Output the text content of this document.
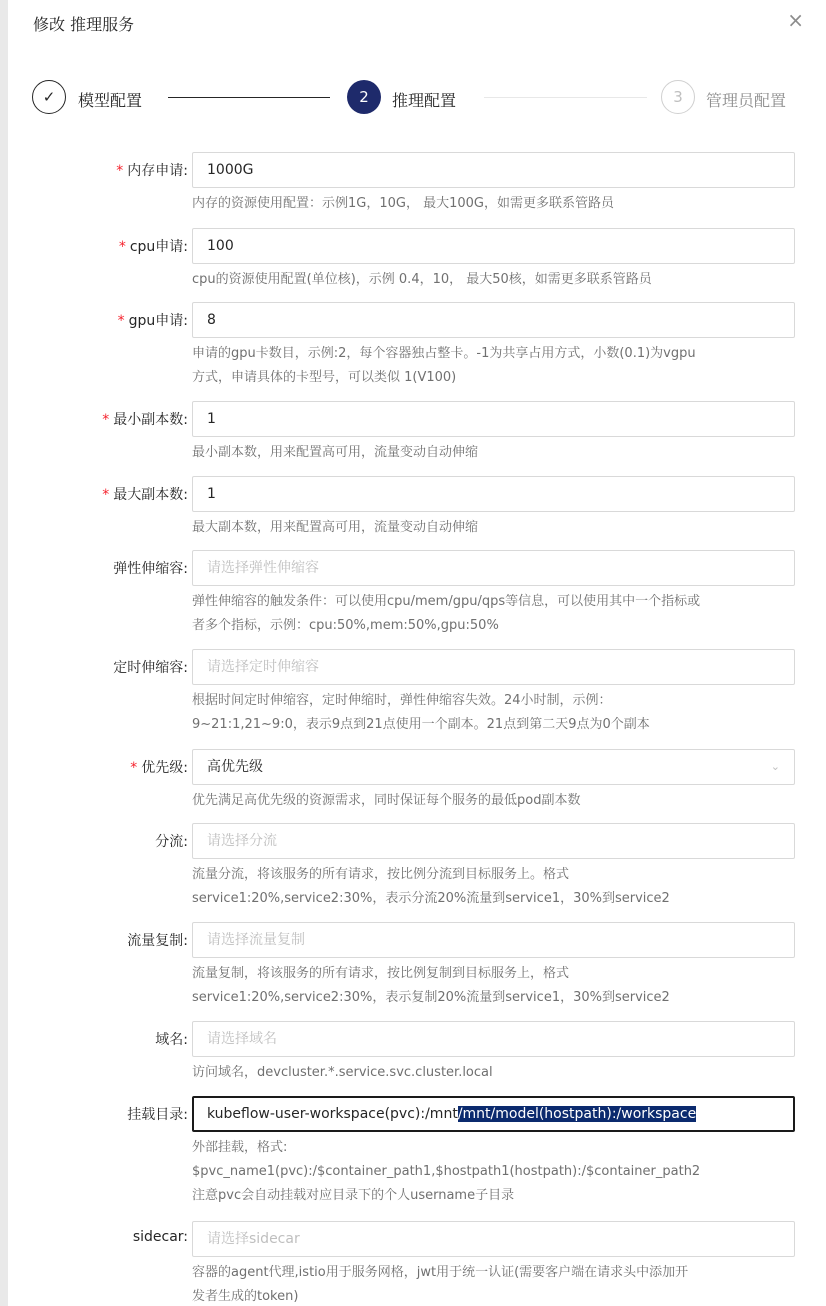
修改 推理服务	×
✓	模型配置	2	推理配置	3	管理员配置
* 内存申请:	1000G
内存的资源使用配置：示例1G，10G， 最大100G，如需更多联系管路员
* cpu申请:	100
cpu的资源使用配置(单位核)，示例 0.4，10， 最大50核，如需更多联系管路员
* gpu申请:	8
申请的gpu卡数目，示例:2，每个容器独占整卡。-1为共享占用方式，小数(0.1)为vgpu
方式，申请具体的卡型号，可以类似 1(V100)
* 最小副本数:	1
最小副本数，用来配置高可用，流量变动自动伸缩
* 最大副本数:	1
最大副本数，用来配置高可用，流量变动自动伸缩
弹性伸缩容:	请选择弹性伸缩容
弹性伸缩容的触发条件：可以使用cpu/mem/gpu/qps等信息，可以使用其中一个指标或
者多个指标，示例：cpu:50%,mem:50%,gpu:50%
定时伸缩容:	请选择定时伸缩容
根据时间定时伸缩容，定时伸缩时，弹性伸缩容失效。24小时制，示例：
9~21:1,21~9:0，表示9点到21点使用一个副本。21点到第二天9点为0个副本
* 优先级:	高优先级	⌄
优先满足高优先级的资源需求，同时保证每个服务的最低pod副本数
分流:	请选择分流
流量分流，将该服务的所有请求，按比例分流到目标服务上。格式
service1:20%,service2:30%，表示分流20%流量到service1，30%到service2
流量复制:	请选择流量复制
流量复制，将该服务的所有请求，按比例复制到目标服务上，格式
service1:20%,service2:30%，表示复制20%流量到service1，30%到service2
域名:	请选择域名
访问域名，devcluster.*.service.svc.cluster.local
挂载目录:	kubeflow-user-workspace(pvc):/mnt/mnt/model(hostpath):/workspace
外部挂载，格式:
$pvc_name1(pvc):/$container_path1,$hostpath1(hostpath):/$container_path2
注意pvc会自动挂载对应目录下的个人username子目录
sidecar:	请选择sidecar
容器的agent代理,istio用于服务网格，jwt用于统一认证(需要客户端在请求头中添加开
发者生成的token)
